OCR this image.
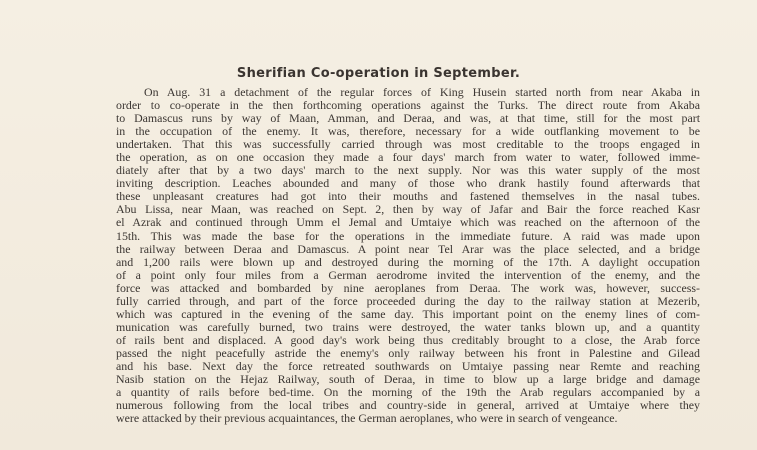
Sherifian Co-operation in September.
On Aug. 31 a detachment of the regular forces of King Husein started north from near Akaba in
order to co-operate in the then forthcoming operations against the Turks. The direct route from Akaba
to Damascus runs by way of Maan, Amman, and Deraa, and was, at that time, still for the most part
in the occupation of the enemy. It was, therefore, necessary for a wide outflanking movement to be
undertaken. That this was successfully carried through was most creditable to the troops engaged in
the operation, as on one occasion they made a four days' march from water to water, followed imme-
diately after that by a two days' march to the next supply. Nor was this water supply of the most
inviting description. Leaches abounded and many of those who drank hastily found afterwards that
these unpleasant creatures had got into their mouths and fastened themselves in the nasal tubes.
Abu Lissa, near Maan, was reached on Sept. 2, then by way of Jafar and Bair the force reached Kasr
el Azrak and continued through Umm el Jemal and Umtaiye which was reached on the afternoon of the
15th. This was made the base for the operations in the immediate future. A raid was made upon
the railway between Deraa and Damascus. A point near Tel Arar was the place selected, and a bridge
and 1,200 rails were blown up and destroyed during the morning of the 17th. A daylight occupation
of a point only four miles from a German aerodrome invited the intervention of the enemy, and the
force was attacked and bombarded by nine aeroplanes from Deraa. The work was, however, success-
fully carried through, and part of the force proceeded during the day to the railway station at Mezerib,
which was captured in the evening of the same day. This important point on the enemy lines of com-
munication was carefully burned, two trains were destroyed, the water tanks blown up, and a quantity
of rails bent and displaced. A good day's work being thus creditably brought to a close, the Arab force
passed the night peacefully astride the enemy's only railway between his front in Palestine and Gilead
and his base. Next day the force retreated southwards on Umtaiye passing near Remte and reaching
Nasib station on the Hejaz Railway, south of Deraa, in time to blow up a large bridge and damage
a quantity of rails before bed-time. On the morning of the 19th the Arab regulars accompanied by a
numerous following from the local tribes and country-side in general, arrived at Umtaiye where they
were attacked by their previous acquaintances, the German aeroplanes, who were in search of vengeance.
